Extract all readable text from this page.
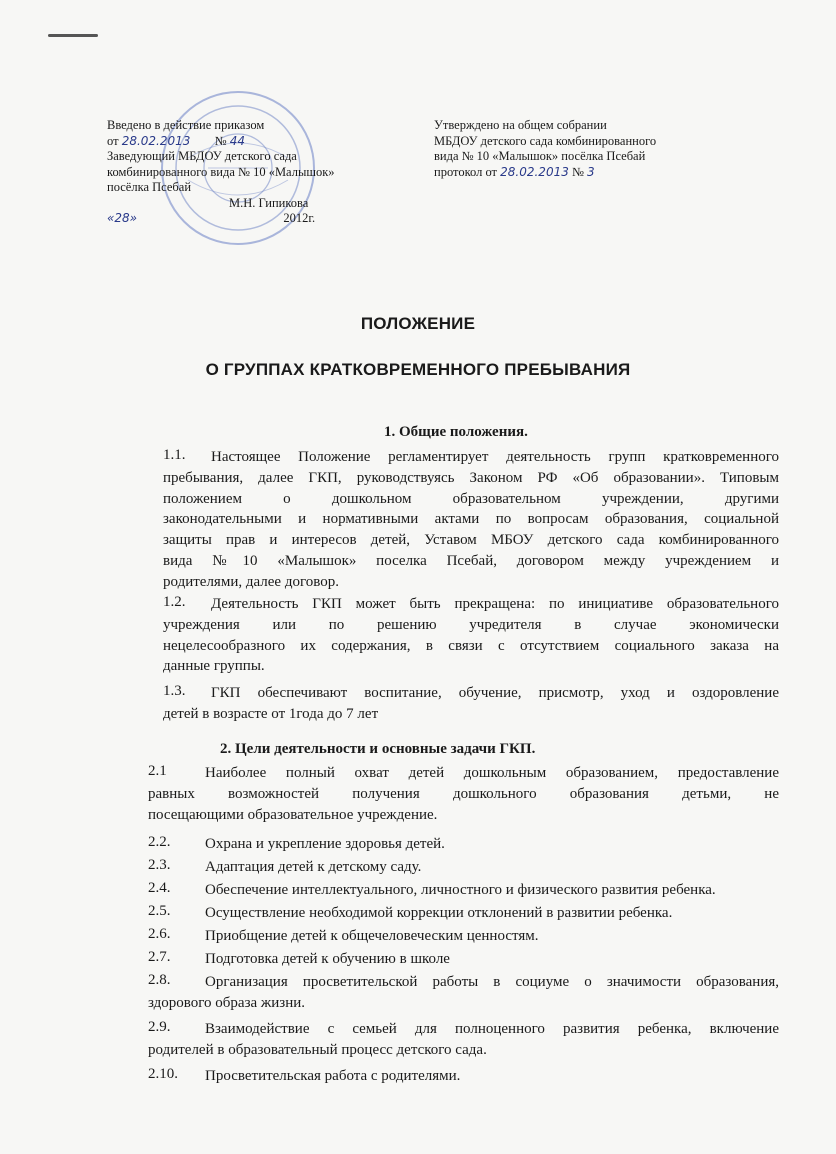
Введено в действие приказом
от 28.02.2013 № 44
Заведующий МБДОУ детского сада
комбинированного вида № 10 «Малышок»
посёлка Псебай
М.Н. Гипикова
«28»	2012г.
Утверждено на общем собрании
МБДОУ детского сада комбинированного
вида № 10 «Малышок» посёлка Псебай
протокол от 28.02.2013 № 3
ПОЛОЖЕНИЕ
О ГРУППАХ КРАТКОВРЕМЕННОГО ПРЕБЫВАНИЯ
1. Общие положения.
2. Цели деятельности и основные задачи ГКП.
1.1. Настоящее Положение регламентирует деятельность групп кратковременного
пребывания, далее ГКП, руководствуясь Законом РФ «Об образовании». Типовым
положением о дошкольном образовательном учреждении, другими
законодательными и нормативными актами по вопросам образования, социальной
защиты прав и интересов детей, Уставом МБОУ детского сада комбинированного
вида №10 «Малышок» поселка Псебай, договором между учреждением и
родителями, далее договор.
1.2. Деятельность ГКП может быть прекращена: по инициативе образовательного
учреждения или по решению учредителя в случае экономически
нецелесообразного их содержания, в связи с отсутствием социального заказа на
данные группы.
1.3. ГКП обеспечивают воспитание, обучение, присмотр, уход и оздоровление
детей в возрасте от 1года до 7 лет
2.1	Наиболее полный охват детей дошкольным образованием, предоставление
равных возможностей получения дошкольного образования детьми, не
посещающими образовательное учреждение.
2.2. Охрана и укрепление здоровья детей.
2.3. Адаптация детей к детскому саду.
2.4. Обеспечение интеллектуального, личностного и физического развития ребенка.
2.5. Осуществление необходимой коррекции отклонений в развитии ребенка.
2.6. Приобщение детей к общечеловеческим ценностям.
2.7. Подготовка детей к обучению в школе
2.8. Организация просветительской работы в социуме о значимости образования,
здорового образа жизни.
2.9. Взаимодействие с семьей для полноценного развития ребенка, включение
родителей в образовательный процесс детского сада.
2.10. Просветительская работа с родителями.
